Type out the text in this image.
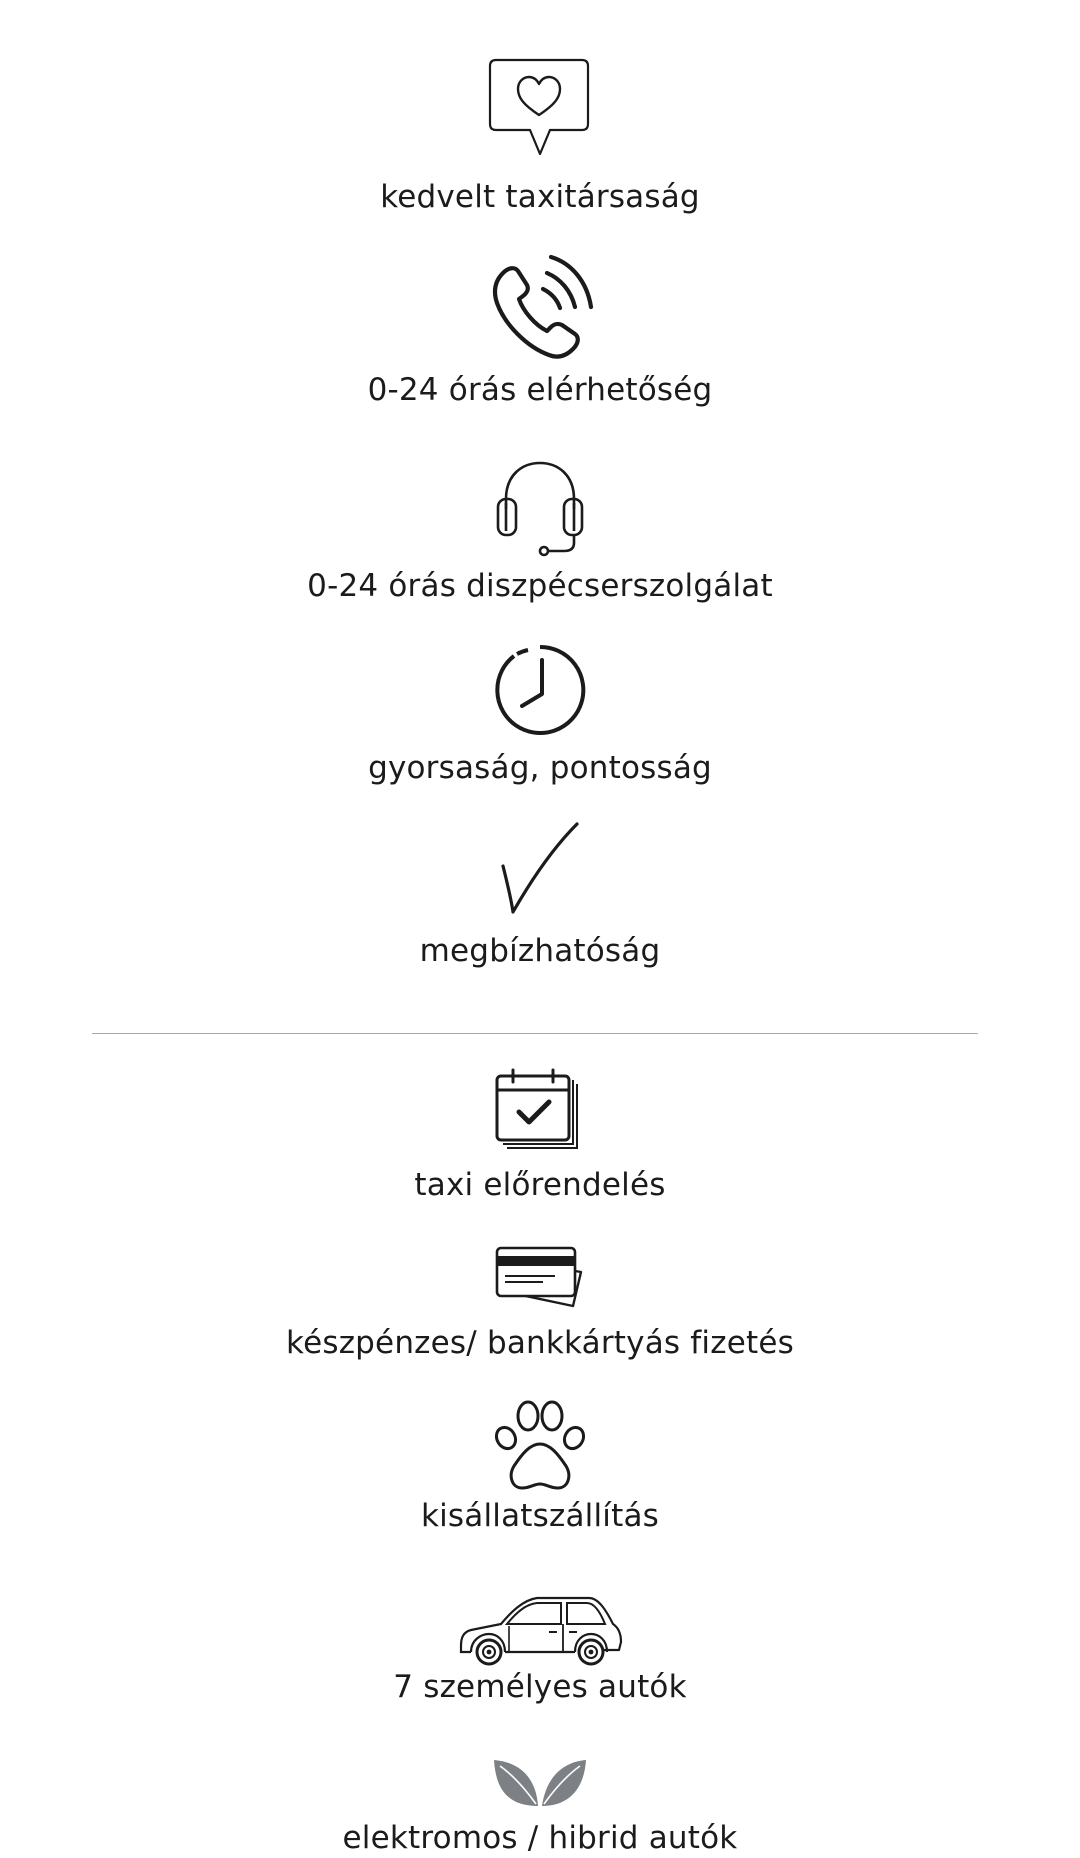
kedvelt taxitársaság
0-24 órás elérhetőség
0-24 órás diszpécserszolgálat
gyorsaság, pontosság
megbízhatóság
taxi előrendelés
készpénzes/ bankkártyás fizetés
kisállatszállítás
7 személyes autók
elektromos / hibrid autók
